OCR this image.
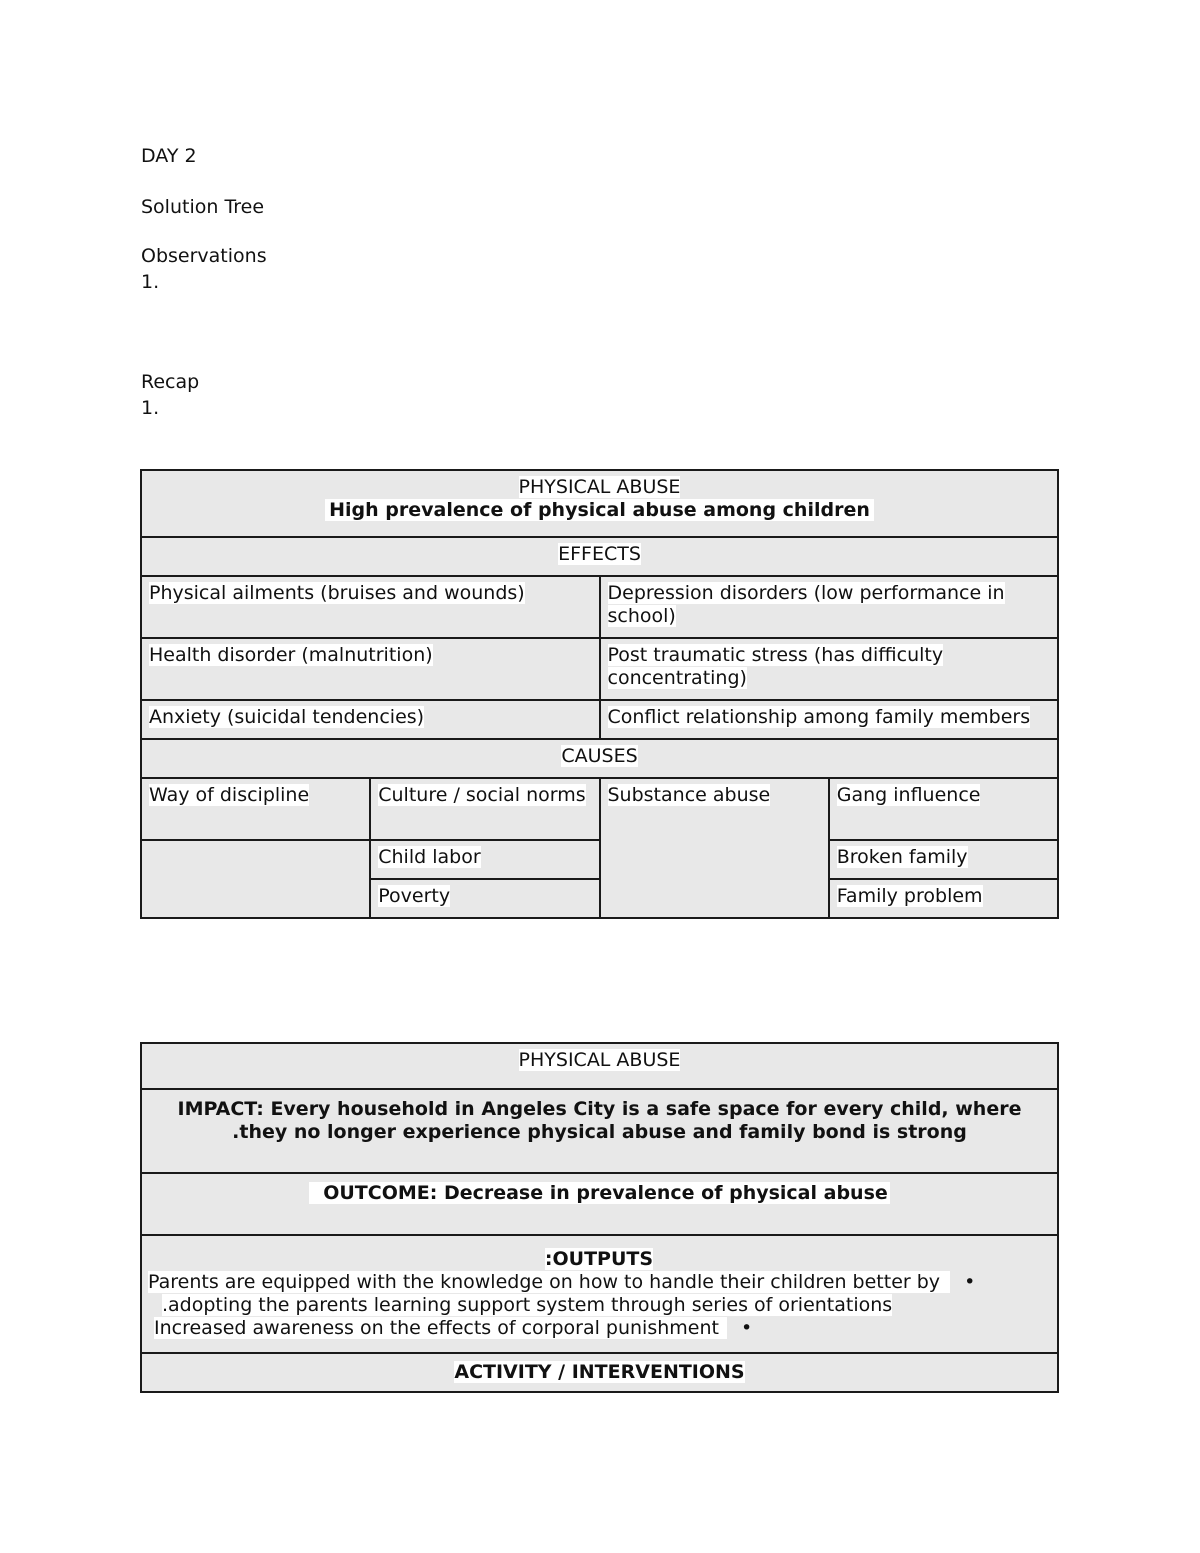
DAY 2
Solution Tree
Observations
1.
Recap
1.
PHYSICAL ABUSE
High prevalence of physical abuse among children			

EFFECTS			
Physical ailments (bruises and wounds)		Depression disorders (low performance in school)	
Health disorder (malnutrition)		Post traumatic stress (has difficulty concentrating)	
Anxiety (suicidal tendencies)		Conflict relationship among family members	
CAUSES			
Way of discipline	Culture / social norms	Substance abuse	Gang influence
	Child labor		Broken family
	Poverty		Family problem
PHYSICAL ABUSE

IMPACT: Every household in Angeles City is a safe space for every child, where
.they no longer experience physical abuse and family bond is strong

OUTCOME: Decrease in prevalence of physical abuse

:OUTPUTS
Parents are equipped with the knowledge on how to handle their children better by •
.adopting the parents learning support system through series of orientations
Increased awareness on the effects of corporal punishment •

ACTIVITY / INTERVENTIONS
